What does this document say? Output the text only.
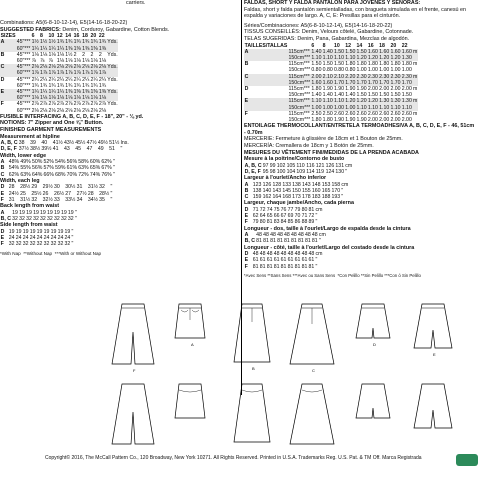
carriers.
Combinations: A5(6-8-10-12-14), E5(14-16-18-20-22)
SUGGESTED FABRICS: Denim, Corduroy, Gabardine, Cotton Blends.
SIZES		6	8	10	12	14	16	18	20	22	
A	45"***	1½	1½	1½	1¾	1¾	1¾	1¾	1¾	1¾	Yds.
	60"***	1¼	1¼	1¼	1¼	1⅜	1⅜	1⅜	1⅜	1⅜	
B	45"***	1⅛	1⅛	1⅛	1⅛	1½	2	2	2	2	Yds.
	60"***	⅞	⅞	⅞	1⅛	1⅛	1⅛	1⅛	1⅛	1⅛	
C	45"***	2⅛	2⅛	2⅛	2⅛	2⅛	2⅛	2⅛	2⅛	2⅛	Yds.
	60"***	1⅞	1⅞	1⅞	1⅞	1⅞	1⅞	1⅞	1⅞	1⅞	
D	45"***	2¼	2¼	2¼	2¼	2¼	2¼	2¼	2¼	2¼	Yds.
	60"***	1¾	1¾	1¾	1¾	1¾	1¾	1¾	1¾	1¾	
E	45"***	1¼	1¼	1¼	1¼	1⅜	1⅜	1⅜	1⅜	1⅜	Yds.
	60"***	1⅛	1⅛	1⅛	1⅛	1⅛	1⅛	1⅛	1⅛	1⅛	
F	45"***	2⅞	2⅞	2⅞	2⅞	2⅞	2⅞	2⅞	2⅞	2⅞	Yds.
	60"***	2⅛	2⅛	2⅛	2⅛	2⅛	2⅛	2⅛	2⅛	2⅛	
FUSIBLE INTERFACING A, B, C, D, E, F - 18", 20" - ⅛ yd.
NOTIONS: 7" Zipper and One ⅝" Button.
FINISHED GARMENT MEASUREMENTS
Measurement at hipline
A, B, C	38	39	40	41½	43½	45½	47½	49½	51½	Ins.
D, E, F	37½	38½	39½	41	43	45	47	49	51	"
Width, lower edge
A	48%	49%	50%	52%	54%	56%	58%	60%	62%	"
B	54%	55%	56%	57%	59%	61%	63%	65%	67%	"
C	62%	63%	64%	66%	68%	70%	72%	74%	76%	"
Width, each leg
D	28	28½	29	29½	30	30½	31	31½	32	"
E	24½	25	25½	26	26½	27	27½	28	28½	"
F	31	31½	32	32½	33	33½	34	34½	35	"
Back length from waist
A	19	19	19	19	19	19	19	19	19	"
B, C	32	32	32	32	32	32	32	32	32	"
Side length from waist
D	19	19	19	19	19	19	19	19	19	"
E	24	24	24	24	24	24	24	24	24	"
F	32	32	32	32	32	32	32	32	32	"
*With Nap  **Without Nap  ***With or Without Nap
FALDAS, SHORT Y FALDA PANTALÓN PARA JÓVENES Y SEÑORAS:
Faldas, short y falda pantalón semientalladas, con bragueta simulada en el frente, canesú en espalda y variaciones de largo. A, C, E: Presillas para el cinturón.
Séries/Combinaciones: A5(6-8-10-12-14), E5(14-16-18-20-22)
TISSUS CONSEILLÉS: Denim, Velours côtelé, Gabardine, Cotonnade.
TELAS SUGERIDAS: Denim, Pana, Gabardina, Mezclas de algodón.
TAILLES/TALLAS		6	8	10	12	14	16	18	20	22	
A	115cm***	1.40	1.40	1.50	1.50	1.50	1.60	1.60	1.60	1.60	m
	150cm***	1.10	1.10	1.10	1.10	1.20	1.20	1.20	1.20	1.30	
B	115cm***	1.50	1.50	1.50	1.80	1.80	1.80	1.80	1.80	1.80	m
	150cm***	0.80	0.80	0.80	0.80	1.00	1.00	1.00	1.00	1.00	
C	115cm***	2.00	2.10	2.10	2.20	2.30	2.30	2.30	2.30	2.30	m
	150cm***	1.60	1.60	1.70	1.70	1.70	1.70	1.70	1.70	1.70	
D	115cm***	1.80	1.90	1.90	1.90	1.90	2.00	2.00	2.00	2.00	m
	150cm***	1.40	1.40	1.40	1.40	1.50	1.50	1.50	1.50	1.50	
E	115cm***	1.10	1.10	1.10	1.20	1.20	1.20	1.30	1.30	1.30	m
	150cm***	1.00	1.00	1.00	1.00	1.10	1.10	1.10	1.10	1.10	
F	115cm***	2.50	2.50	2.60	2.60	2.60	2.60	2.60	2.60	2.60	m
	150cm***	1.80	1.80	1.90	1.90	1.90	2.00	2.00	2.00	2.00	
ENTOILAGE THERMOCOLLANT/ENTRETELA TERMOADHESIVA A, B, C, D, E, F - 46, 51cm - 0.70m
MERCERIE: Fermeture à glissière de 18cm et 1 Bouton de 25mm.
MERCERÍA: Cremallera de 18cm y 1 Botón de 25mm.
MESURES DU VÊTEMENT FINI/MEDIDAS DE LA PRENDA ACABADA
Mesure à la poitrine/Contorno de busto
A, B, C	97	99	102	105	110	116	121	126	131	cm
D, E, F	95	98	100	104	109	114	119	124	130	"
Largeur à l'ourlet/Ancho inferior
A	123	126	128	133	138	143	148	153	158	cm
B	138	140	143	145	150	155	160	165	170	"
C	159	162	164	168	173	178	183	188	193	"
Largeur, chaque jambe/Ancho, cada pierna
D	71	72	74	75	76	77	79	80	81	cm
E	62	64	65	66	67	69	70	71	72	"
F	79	80	81	83	84	85	86	88	89	"
Longueur - dos, taille à l'ourlet/Largo de espalda desde la cintura
A	48	48	48	48	48	48	48	48	48	cm
B, C	81	81	81	81	81	81	81	81	81	"
Longueur - côté, taille à l'ourlet/Largo del costado desde la cintura
D	48	48	48	48	48	48	48	48	48	cm
E	61	61	61	61	61	61	61	61	61	"
F	81	81	81	81	81	81	81	81	81	"
*Avec Sens **Sans Sens ***Avec ou Sans Sens  *Con Pelillo **Sin Pelillo ***Con ó Sin Pelillo
A
B	C
D
E
F
Copyright© 2016, The McCall Pattern Co., 120 Broadway, New York 10271. All Rights Reserved. Printed in U.S.A. Trademarks Reg. U.S. Pat. & TM Off. Marca Registrada
